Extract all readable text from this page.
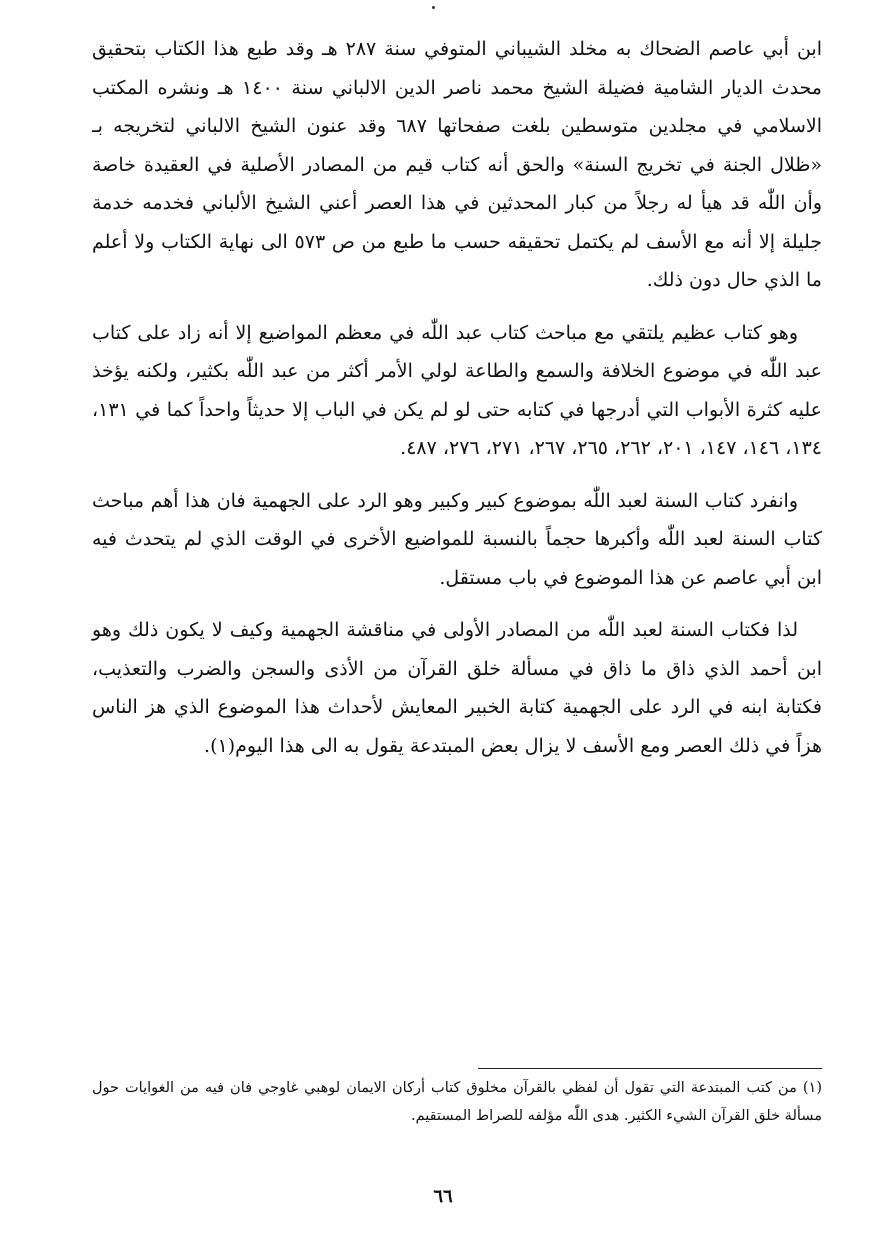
ابن أبي عاصم الضحاك به مخلد الشيباني المتوفي سنة ٢٨٧ هـ وقد طبع هذا الكتاب بتحقيق محدث الديار الشامية فضيلة الشيخ محمد ناصر الدين الالباني سنة ١٤٠٠ هـ ونشره المكتب الاسلامي في مجلدين متوسطين بلغت صفحاتها ٦٨٧ وقد عنون الشيخ الالباني لتخريجه بـ «ظلال الجنة في تخريج السنة» والحق أنه كتاب قيم من المصادر الأصلية في العقيدة خاصة وأن اللّٰه قد هيأ له رجلاً من كبار المحدثين في هذا العصر أعني الشيخ الألباني فخدمه خدمة جليلة إلا أنه مع الأسف لم يكتمل تحقيقه حسب ما طبع من ص ٥٧٣ الى نهاية الكتاب ولا أعلم ما الذي حال دون ذلك.

وهو كتاب عظيم يلتقي مع مباحث كتاب عبد اللّٰه في معظم المواضيع إلا أنه زاد على كتاب عبد اللّٰه في موضوع الخلافة والسمع والطاعة لولي الأمر أكثر من عبد اللّٰه بكثير، ولكنه يؤخذ عليه كثرة الأبواب التي أدرجها في كتابه حتى لو لم يكن في الباب إلا حديثاً واحداً كما في ١٣١، ١٣٤، ١٤٦، ١٤٧، ٢٠١، ٢٦٢، ٢٦٥، ٢٦٧، ٢٧١، ٢٧٦، ٤٨٧.

وانفرد كتاب السنة لعبد اللّٰه بموضوع كبير وكبير وهو الرد على الجهمية فان هذا أهم مباحث كتاب السنة لعبد اللّٰه وأكبرها حجماً بالنسبة للمواضيع الأخرى في الوقت الذي لم يتحدث فيه ابن أبي عاصم عن هذا الموضوع في باب مستقل.

لذا فكتاب السنة لعبد اللّٰه من المصادر الأولى في مناقشة الجهمية وكيف لا يكون ذلك وهو ابن أحمد الذي ذاق ما ذاق في مسألة خلق القرآن من الأذى والسجن والضرب والتعذيب، فكتابة ابنه في الرد على الجهمية كتابة الخبير المعايش لأحداث هذا الموضوع الذي هز الناس هزاً في ذلك العصر ومع الأسف لا يزال بعض المبتدعة يقول به الى هذا اليوم(١).

(١) من كتب المبتدعة التي تقول أن لفظي بالقرآن مخلوق كتاب أركان الايمان لوهبي غاوجي فان فيه من الغوايات حول مسألة خلق القرآن الشيء الكثير. هدى اللّٰه مؤلفه للصراط المستقيم.

٦٦
